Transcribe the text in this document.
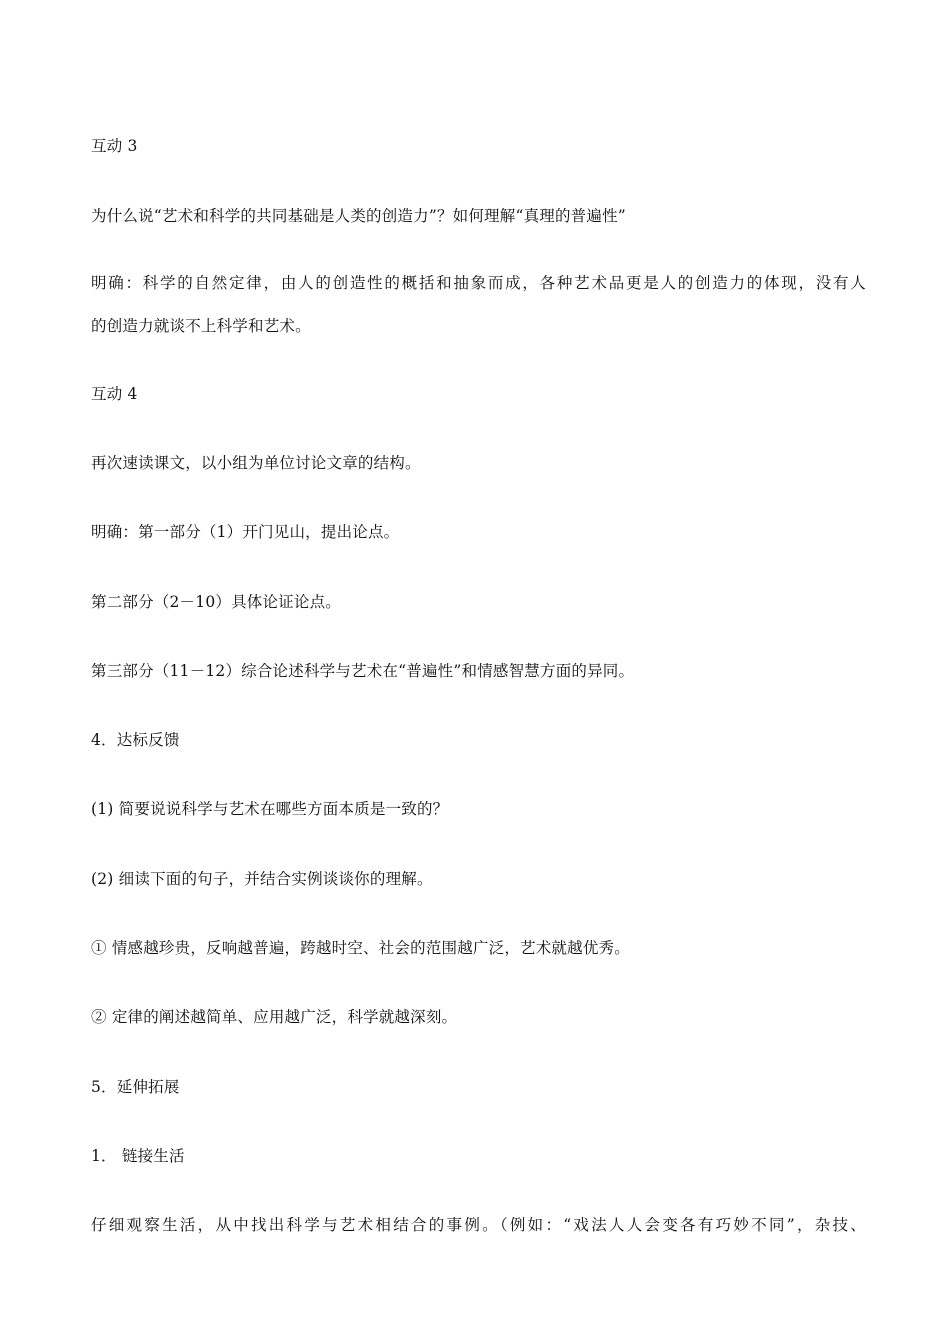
互动 3
为什么说“艺术和科学的共同基础是人类的创造力”？如何理解“真理的普遍性”
明确：科学的自然定律，由人的创造性的概括和抽象而成，各种艺术品更是人的创造力的体现，没有人
的创造力就谈不上科学和艺术。
互动 4
再次速读课文，以小组为单位讨论文章的结构。
明确：第一部分（1）开门见山，提出论点。
第二部分（2－10）具体论证论点。
第三部分（11－12）综合论述科学与艺术在“普遍性”和情感智慧方面的异同。
4．达标反馈
(1) 简要说说科学与艺术在哪些方面本质是一致的？
(2) 细读下面的句子，并结合实例谈谈你的理解。
① 情感越珍贵，反响越普遍，跨越时空、社会的范围越广泛，艺术就越优秀。
② 定律的阐述越简单、应用越广泛，科学就越深刻。
5．延伸拓展
1． 链接生活
仔细观察生活，从中找出科学与艺术相结合的事例。（例如：“戏法人人会变各有巧妙不同”，杂技、
